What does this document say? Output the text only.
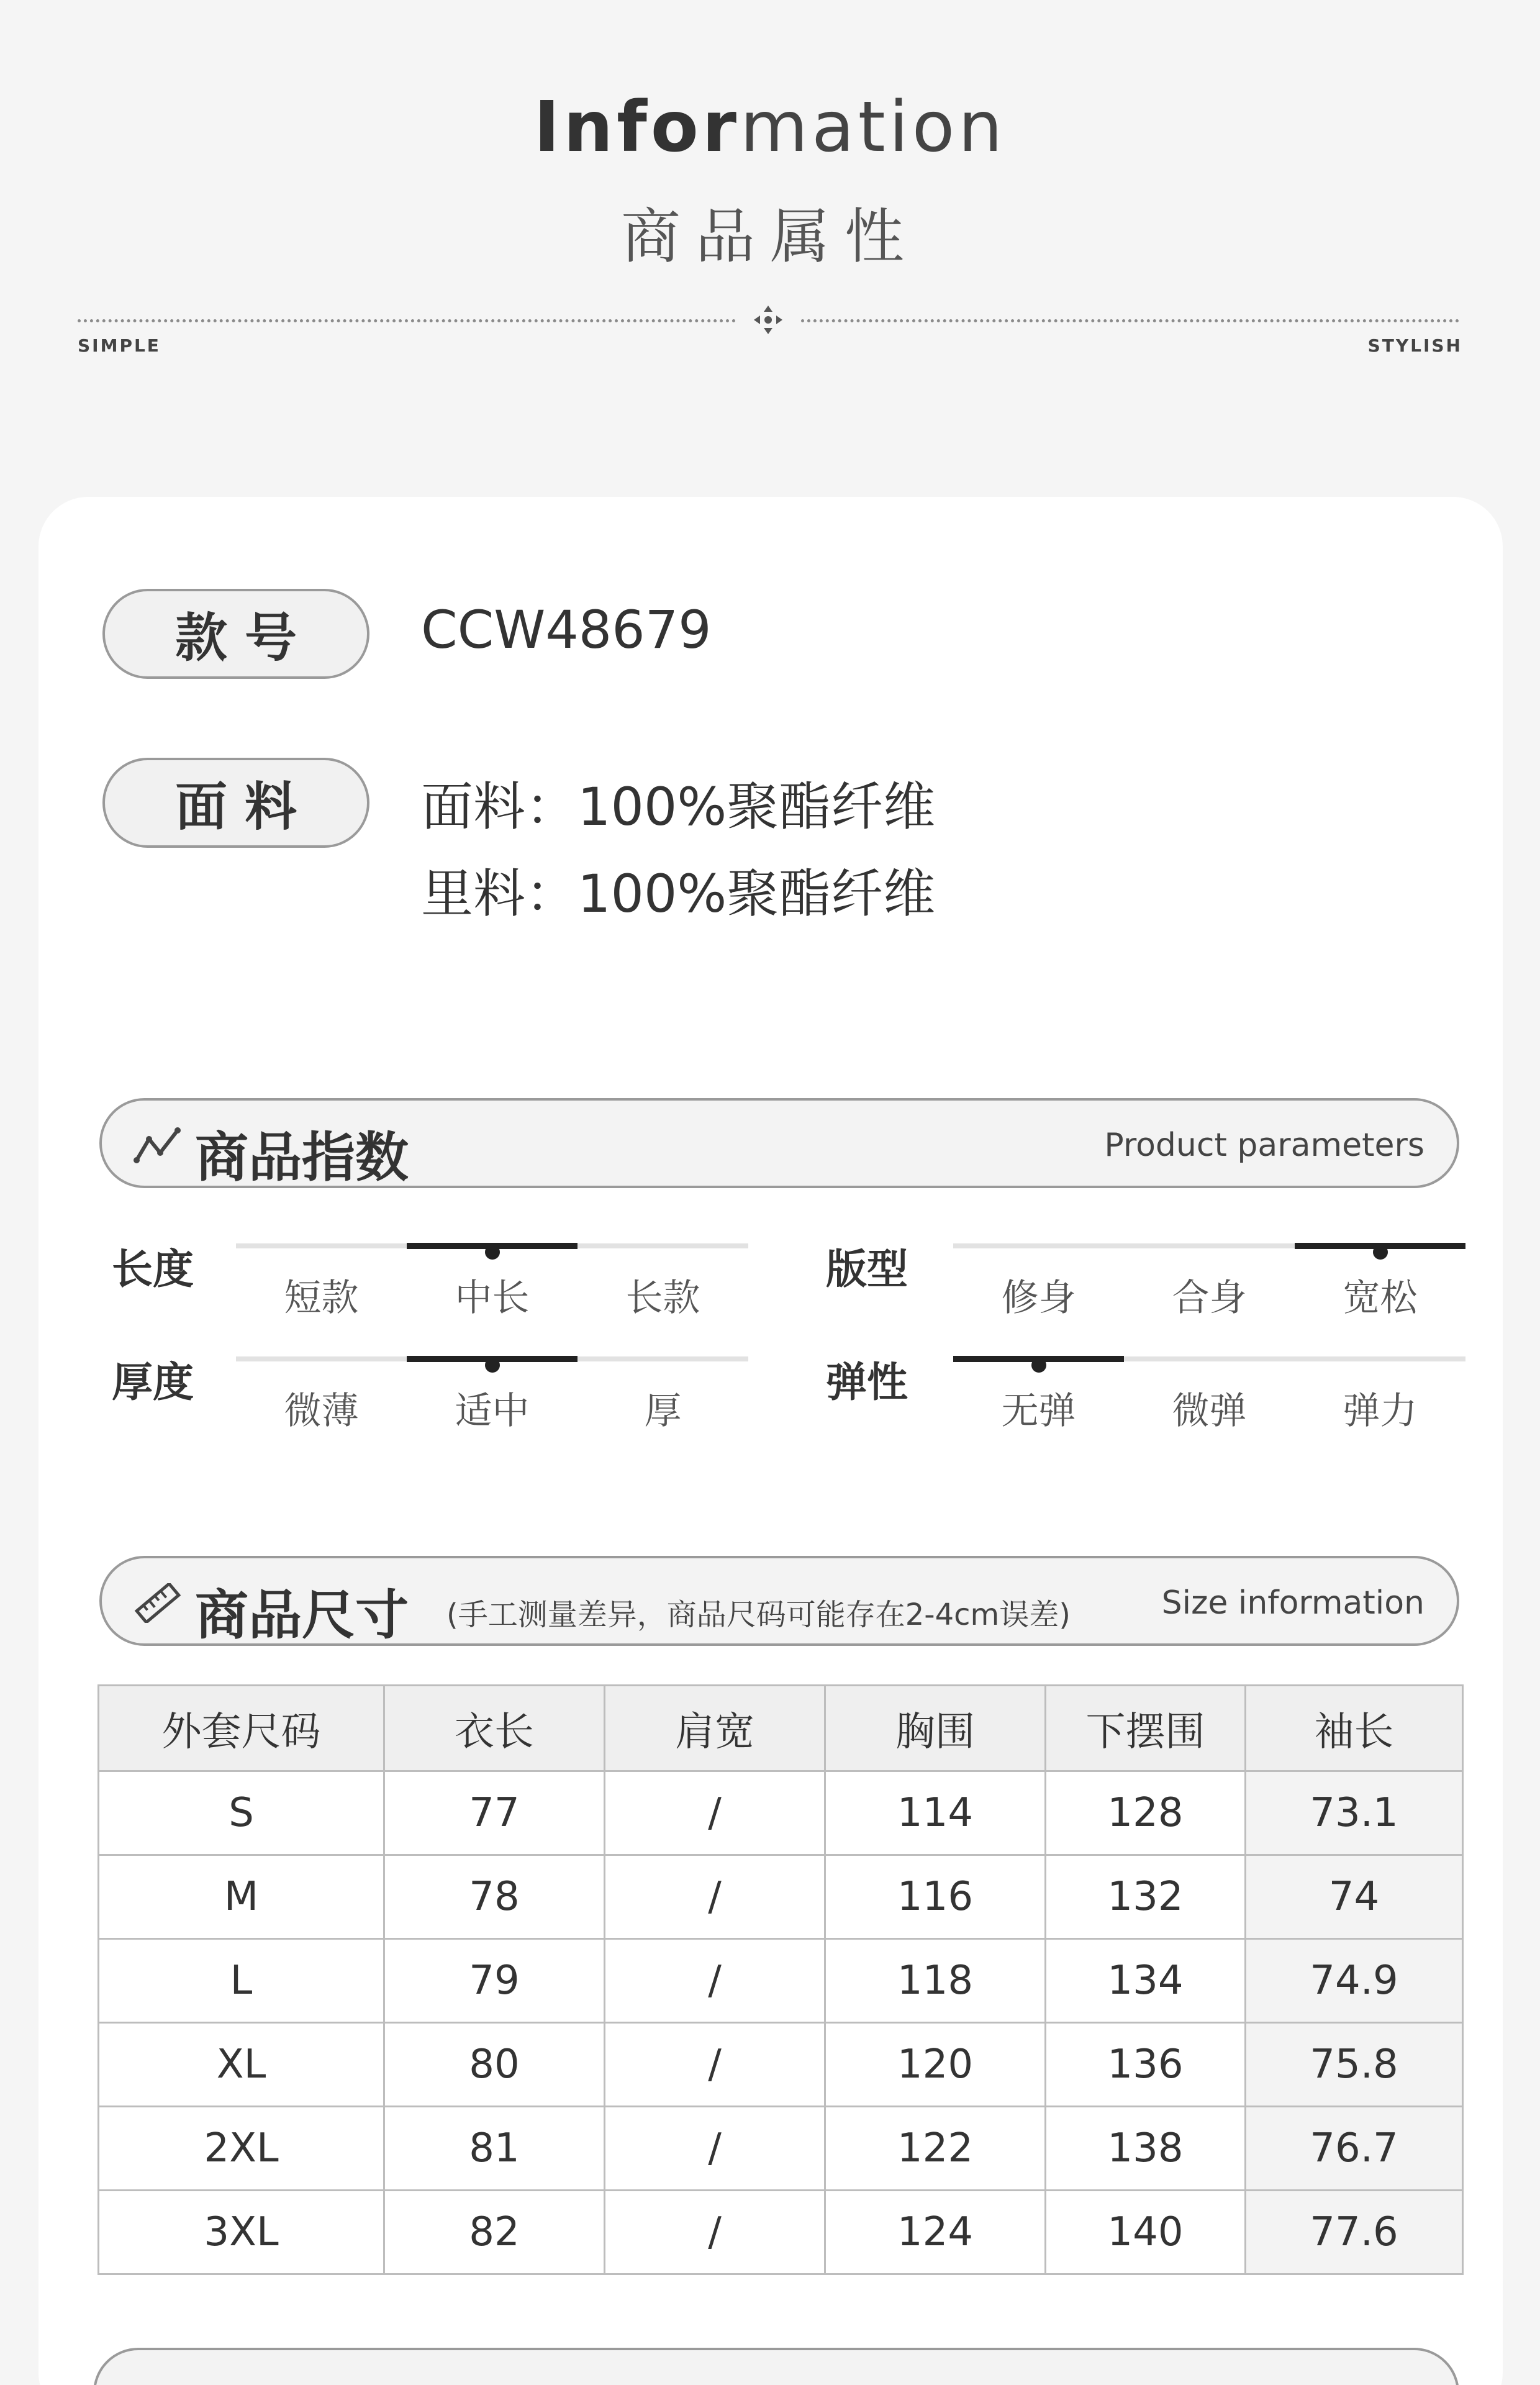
Information
商品属性
SIMPLE	STYLISH
款号	CCW48679
面料	面料：100%聚酯纤维
里料：100%聚酯纤维
商品指数	Product parameters
长度
短款	中长	长款
版型
修身	合身	宽松
厚度
微薄	适中	厚
弹性
无弹	微弹	弹力
商品尺寸 (手工测量差异，商品尺码可能存在2-4cm误差)	Size information
外套尺码	衣长	肩宽	胸围	下摆围	袖长
S	77	/	114	128	73.1
M	78	/	116	132	74
L	79	/	118	134	74.9
XL	80	/	120	136	75.8
2XL	81	/	122	138	76.7
3XL	82	/	124	140	77.6
